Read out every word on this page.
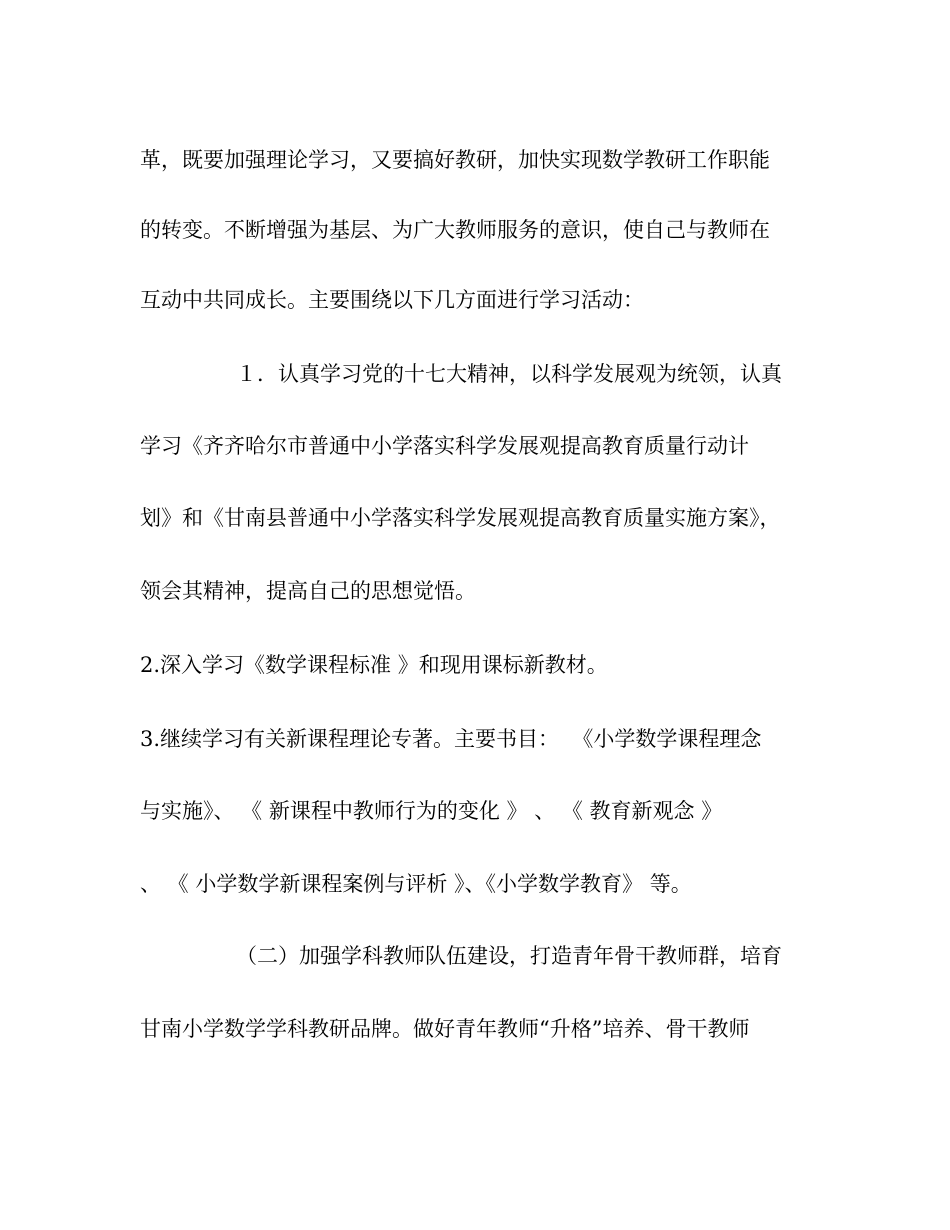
革，既要加强理论学习，又要搞好教研，加快实现数学教研工作职能
的转变。不断增强为基层、为广大教师服务的意识，使自己与教师在
互动中共同成长。主要围绕以下几方面进行学习活动：
１．认真学习党的十七大精神，以科学发展观为统领，认真
学习《齐齐哈尔市普通中小学落实科学发展观提高教育质量行动计
划》和《甘南县普通中小学落实科学发展观提高教育质量实施方案》，
领会其精神，提高自己的思想觉悟。
2.深入学习《数学课程标准 》和现用课标新教材。
3.继续学习有关新课程理论专著。主要书目：  《小学数学课程理念
与实施》、 《 新课程中教师行为的变化 》 、 《 教育新观念 》
、 《 小学数学新课程案例与评析 》、《小学数学教育》 等。
（二）加强学科教师队伍建设，打造青年骨干教师群，培育
甘南小学数学学科教研品牌。做好青年教师“升格”培养、骨干教师
